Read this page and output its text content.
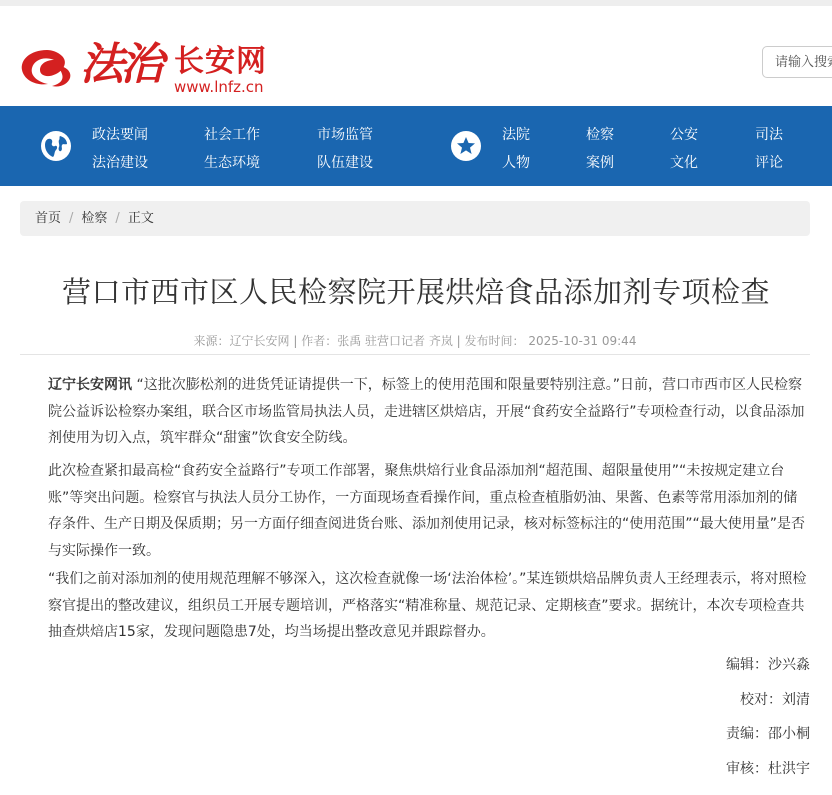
法治 长安网
www.lnfz.cn
请输入搜索
政法要闻	社会工作	市场监管
法治建设	生态环境	队伍建设
法院	检察	公安	司法
人物	案例	文化	评论
首页 / 检察 / 正文
营口市西市区人民检察院开展烘焙食品添加剂专项检查
来源：辽宁长安网 | 作者：张禹 驻营口记者 齐岚 | 发布时间： 2025-10-31 09:44

辽宁长安网讯 “这批次膨松剂的进货凭证请提供一下，标签上的使用范围和限量要特别注意。”日前，营口市西市区人民检察院公益诉讼检察办案组，联合区市场监管局执法人员，走进辖区烘焙店，开展“食药安全益路行”专项检查行动，以食品添加剂使用为切入点，筑牢群众“甜蜜”饮食安全防线。

此次检查紧扣最高检“食药安全益路行”专项工作部署，聚焦烘焙行业食品添加剂“超范围、超限量使用”“未按规定建立台账”等突出问题。检察官与执法人员分工协作，一方面现场查看操作间，重点检查植脂奶油、果酱、色素等常用添加剂的储存条件、生产日期及保质期；另一方面仔细查阅进货台账、添加剂使用记录，核对标签标注的“使用范围”“最大使用量”是否与实际操作一致。

“我们之前对添加剂的使用规范理解不够深入，这次检查就像一场‘法治体检’。”某连锁烘焙品牌负责人王经理表示，将对照检察官提出的整改建议，组织员工开展专题培训，严格落实“精准称量、规范记录、定期核查”要求。据统计，本次专项检查共抽查烘焙店15家，发现问题隐患7处，均当场提出整改意见并跟踪督办。

编辑：沙兴淼
校对：刘清
责编：邵小桐
审核：杜洪宇
